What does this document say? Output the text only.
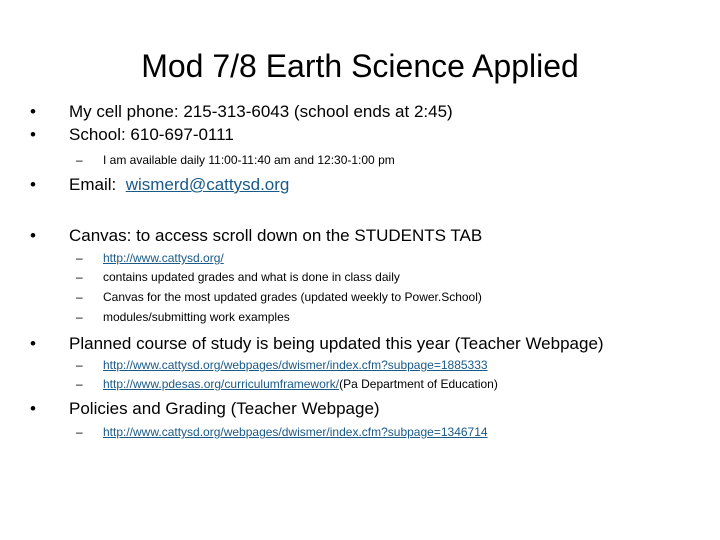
Mod 7/8 Earth Science Applied
• My cell phone: 215-313-6043 (school ends at 2:45)
• School: 610-697-0111
– I am available daily 11:00-11:40 am and 12:30-1:00 pm
• Email:  wismerd@cattysd.org
• Canvas: to access scroll down on the STUDENTS TAB
– http://www.cattysd.org/
– contains updated grades and what is done in class daily
– Canvas for the most updated grades (updated weekly to Power.School)
– modules/submitting work examples
• Planned course of study is being updated this year (Teacher Webpage)
– http://www.cattysd.org/webpages/dwismer/index.cfm?subpage=1885333
– http://www.pdesas.org/curriculumframework/(Pa Department of Education)
• Policies and Grading (Teacher Webpage)
– http://www.cattysd.org/webpages/dwismer/index.cfm?subpage=1346714
